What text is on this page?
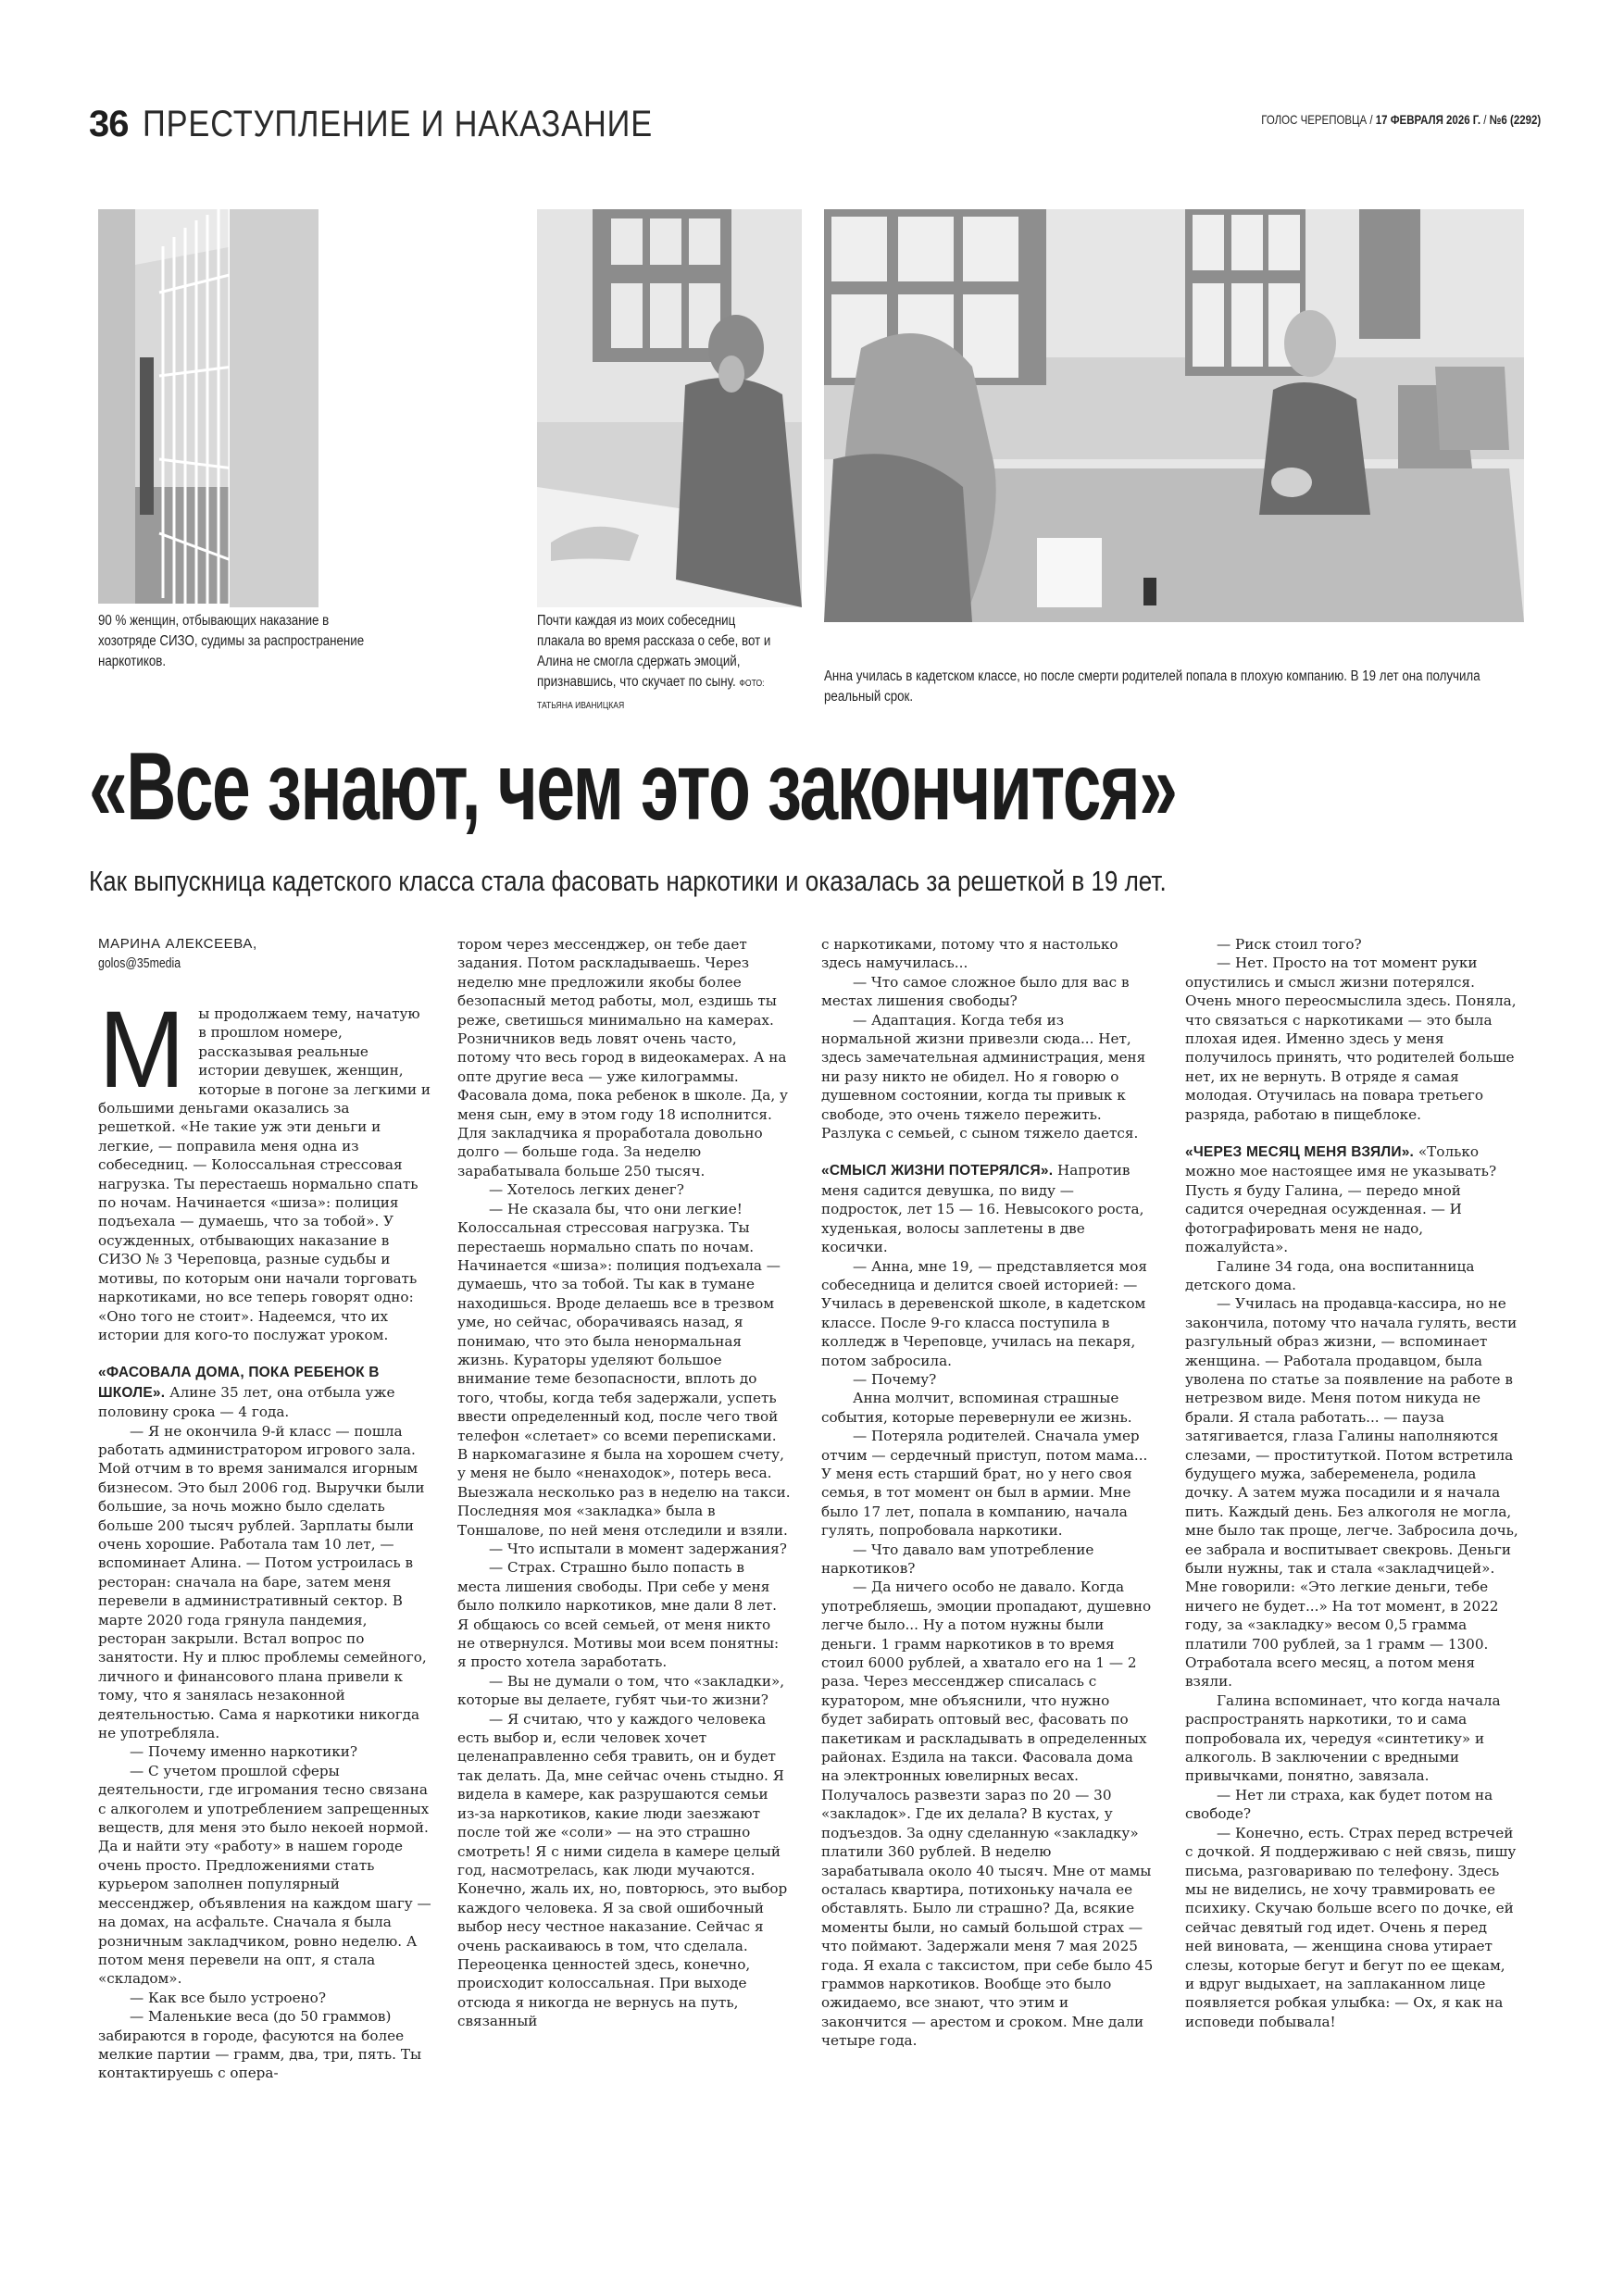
36 ПРЕСТУПЛЕНИЕ И НАКАЗАНИЕ	ГОЛОС ЧЕРЕПОВЦА / 17 ФЕВРАЛЯ 2026 Г. / №6 (2292)
90 % женщин, отбывающих наказание в хозотряде СИЗО, судимы за распространение наркотиков.
Почти каждая из моих собеседниц плакала во время рассказа о себе, вот и Алина не смогла сдержать эмоций, признавшись, что скучает по сыну. ФОТО: ТАТЬЯНА ИВАНИЦКАЯ
Анна училась в кадетском классе, но после смерти родителей попала в плохую компанию. В 19 лет она получила реальный срок.
«Все знают, чем это закончится»
Как выпускница кадетского класса стала фасовать наркотики и оказалась за решеткой в 19 лет.
МАРИНА АЛЕКСЕЕВА,
golos@35media
М ы продолжаем тему, начатую в прошлом номере, рассказывая реальные истории девушек, женщин, которые в погоне за легкими и большими деньгами оказались за решеткой. «Не такие уж эти деньги и легкие, — поправила меня одна из собеседниц. — Колоссальная стрессовая нагрузка. Ты перестаешь нормально спать по ночам. Начинается «шиза»: полиция подъехала — думаешь, что за тобой». У осужденных, отбывающих наказание в СИЗО № 3 Череповца, разные судьбы и мотивы, по которым они начали торговать наркотиками, но все теперь говорят одно: «Оно того не стоит». Надеемся, что их истории для кого-то послужат уроком.

«ФАСОВАЛА ДОМА, ПОКА РЕБЕНОК В ШКОЛЕ». Алине 35 лет, она отбыла уже половину срока — 4 года.

— Я не окончила 9-й класс — пошла работать администратором игрового зала. Мой отчим в то время занимался игорным бизнесом. Это был 2006 год. Выручки были большие, за ночь можно было сделать больше 200 тысяч рублей. Зарплаты были очень хорошие. Работала там 10 лет, — вспоминает Алина. — Потом устроилась в ресторан: сначала на баре, затем меня перевели в административный сектор. В марте 2020 года грянула пандемия, ресторан закрыли. Встал вопрос по занятости. Ну и плюс проблемы семейного, личного и финансового плана привели к тому, что я занялась незаконной деятельностью. Сама я наркотики никогда не употребляла.

— Почему именно наркотики?

— С учетом прошлой сферы деятельности, где игромания тесно связана с алкоголем и употреблением запрещенных веществ, для меня это было некоей нормой. Да и найти эту «работу» в нашем городе очень просто. Предложениями стать курьером заполнен популярный мессенджер, объявления на каждом шагу — на домах, на асфальте. Сначала я была розничным закладчиком, ровно неделю. А потом меня перевели на опт, я стала «складом».

— Как все было устроено?

— Маленькие веса (до 50 граммов) забираются в городе, фасуются на более мелкие партии — грамм, два, три, пять. Ты контактируешь с опера-

тором через мессенджер, он тебе дает задания. Потом раскладываешь. Через неделю мне предложили якобы более безопасный метод работы, мол, ездишь ты реже, светишься минимально на камерах. Розничников ведь ловят очень часто, потому что весь город в видеокамерах. А на опте другие веса — уже килограммы. Фасовала дома, пока ребенок в школе. Да, у меня сын, ему в этом году 18 исполнится. Для закладчика я проработала довольно долго — больше года. За неделю зарабатывала больше 250 тысяч.

— Хотелось легких денег?

— Не сказала бы, что они легкие! Колоссальная стрессовая нагрузка. Ты перестаешь нормально спать по ночам. Начинается «шиза»: полиция подъехала — думаешь, что за тобой. Ты как в тумане находишься. Вроде делаешь все в трезвом уме, но сейчас, оборачиваясь назад, я понимаю, что это была ненормальная жизнь. Кураторы уделяют большое внимание теме безопасности, вплоть до того, чтобы, когда тебя задержали, успеть ввести определенный код, после чего твой телефон «слетает» со всеми переписками. В наркомагазине я была на хорошем счету, у меня не было «ненаходок», потерь веса. Выезжала несколько раз в неделю на такси. Последняя моя «закладка» была в Тоншалове, по ней меня отследили и взяли.

— Что испытали в момент задержания?

— Страх. Страшно было попасть в места лишения свободы. При себе у меня было полкило наркотиков, мне дали 8 лет. Я общаюсь со всей семьей, от меня никто не отвернулся. Мотивы мои всем понятны: я просто хотела заработать.

— Вы не думали о том, что «закладки», которые вы делаете, губят чьи-то жизни?

— Я считаю, что у каждого человека есть выбор и, если человек хочет целенаправленно себя травить, он и будет так делать. Да, мне сейчас очень стыдно. Я видела в камере, как разрушаются семьи из-за наркотиков, какие люди заезжают после той же «соли» — на это страшно смотреть! Я с ними сидела в камере целый год, насмотрелась, как люди мучаются. Конечно, жаль их, но, повторюсь, это выбор каждого человека. Я за свой ошибочный выбор несу честное наказание. Сейчас я очень раскаиваюсь в том, что сделала. Переоценка ценностей здесь, конечно, происходит колоссальная. При выходе отсюда я никогда не вернусь на путь, связанный

с наркотиками, потому что я настолько здесь намучилась...

— Что самое сложное было для вас в местах лишения свободы?

— Адаптация. Когда тебя из нормальной жизни привезли сюда... Нет, здесь замечательная администрация, меня ни разу никто не обидел. Но я говорю о душевном состоянии, когда ты привык к свободе, это очень тяжело пережить. Разлука с семьей, с сыном тяжело дается.

«СМЫСЛ ЖИЗНИ ПОТЕРЯЛСЯ». Напротив меня садится девушка, по виду — подросток, лет 15 — 16. Невысокого роста, худенькая, волосы заплетены в две косички.

— Анна, мне 19, — представляется моя собеседница и делится своей историей: — Училась в деревенской школе, в кадетском классе. После 9-го класса поступила в колледж в Череповце, училась на пекаря, потом забросила.

— Почему?

Анна молчит, вспоминая страшные события, которые перевернули ее жизнь.

— Потеряла родителей. Сначала умер отчим — сердечный приступ, потом мама... У меня есть старший брат, но у него своя семья, в тот момент он был в армии. Мне было 17 лет, попала в компанию, начала гулять, попробовала наркотики.

— Что давало вам употребление наркотиков?

— Да ничего особо не давало. Когда употребляешь, эмоции пропадают, душевно легче было... Ну а потом нужны были деньги. 1 грамм наркотиков в то время стоил 6000 рублей, а хватало его на 1 — 2 раза. Через мессенджер списалась с куратором, мне объяснили, что нужно будет забирать оптовый вес, фасовать по пакетикам и раскладывать в определенных районах. Ездила на такси. Фасовала дома на электронных ювелирных весах. Получалось развезти зараз по 20 — 30 «закладок». Где их делала? В кустах, у подъездов. За одну сделанную «закладку» платили 360 рублей. В неделю зарабатывала около 40 тысяч. Мне от мамы осталась квартира, потихоньку начала ее обставлять. Было ли страшно? Да, всякие моменты были, но самый большой страх — что поймают. Задержали меня 7 мая 2025 года. Я ехала с таксистом, при себе было 45 граммов наркотиков. Вообще это было ожидаемо, все знают, что этим и закончится — арестом и сроком. Мне дали четыре года.

— Риск стоил того?

— Нет. Просто на тот момент руки опустились и смысл жизни потерялся. Очень много переосмыслила здесь. Поняла, что связаться с наркотиками — это была плохая идея. Именно здесь у меня получилось принять, что родителей больше нет, их не вернуть. В отряде я самая молодая. Отучилась на повара третьего разряда, работаю в пищеблоке.

«ЧЕРЕЗ МЕСЯЦ МЕНЯ ВЗЯЛИ». «Только можно мое настоящее имя не указывать? Пусть я буду Галина, — передо мной садится очередная осужденная. — И фотографировать меня не надо, пожалуйста».

Галине 34 года, она воспитанница детского дома.

— Училась на продавца-кассира, но не закончила, потому что начала гулять, вести разгульный образ жизни, — вспоминает женщина. — Работала продавцом, была уволена по статье за появление на работе в нетрезвом виде. Меня потом никуда не брали. Я стала работать... — пауза затягивается, глаза Галины наполняются слезами, — проституткой. Потом встретила будущего мужа, забеременела, родила дочку. А затем мужа посадили и я начала пить. Каждый день. Без алкоголя не могла, мне было так проще, легче. Забросила дочь, ее забрала и воспитывает свекровь. Деньги были нужны, так и стала «закладчицей». Мне говорили: «Это легкие деньги, тебе ничего не будет...» На тот момент, в 2022 году, за «закладку» весом 0,5 грамма платили 700 рублей, за 1 грамм — 1300. Отработала всего месяц, а потом меня взяли.

Галина вспоминает, что когда начала распространять наркотики, то и сама попробовала их, чередуя «синтетику» и алкоголь. В заключении с вредными привычками, понятно, завязала.

— Нет ли страха, как будет потом на свободе?

— Конечно, есть. Страх перед встречей с дочкой. Я поддерживаю с ней связь, пишу письма, разговариваю по телефону. Здесь мы не виделись, не хочу травмировать ее психику. Скучаю больше всего по дочке, ей сейчас девятый год идет. Очень я перед ней виновата, — женщина снова утирает слезы, которые бегут и бегут по ее щекам, и вдруг выдыхает, на заплаканном лице появляется робкая улыбка: — Ох, я как на исповеди побывала!
